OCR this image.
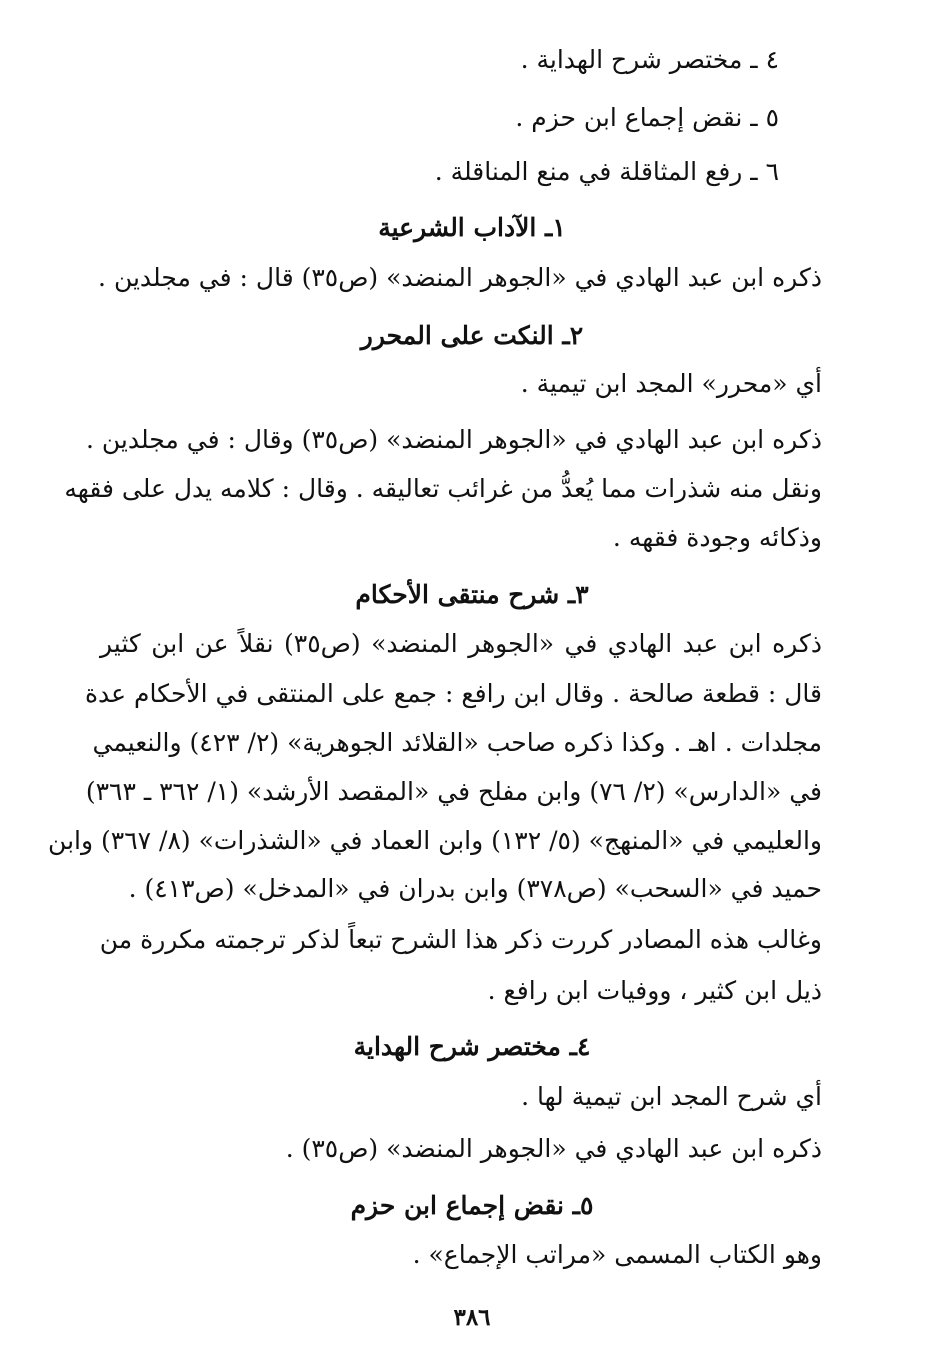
٤ ـ مختصر شرح الهداية .
٥ ـ نقض إجماع ابن حزم .
٦ ـ رفع المثاقلة في منع المناقلة .
١ـ الآداب الشرعية
ذكره ابن عبد الهادي في «الجوهر المنضد» (ص٣٥) قال : في مجلدين .
٢ـ النكت على المحرر
أي «محرر» المجد ابن تيمية .
ذكره ابن عبد الهادي في «الجوهر المنضد» (ص٣٥) وقال : في مجلدين .
ونقل منه شذرات مما يُعدُّ من غرائب تعاليقه . وقال : كلامه يدل على فقهه
وذكائه وجودة فقهه .
٣ـ شرح منتقى الأحكام
ذكره ابن عبد الهادي في «الجوهر المنضد» (ص٣٥) نقلاً عن ابن كثير
قال : قطعة صالحة . وقال ابن رافع : جمع على المنتقى في الأحكام عدة
مجلدات . اهـ . وكذا ذكره صاحب «القلائد الجوهرية» (٢/ ٤٢٣) والنعيمي
في «الدارس» (٢/ ٧٦) وابن مفلح في «المقصد الأرشد» (١/ ٣٦٢ ـ ٣٦٣)
والعليمي في «المنهج» (٥/ ١٣٢) وابن العماد في «الشذرات» (٨/ ٣٦٧) وابن
حميد في «السحب» (ص٣٧٨) وابن بدران في «المدخل» (ص٤١٣) .
وغالب هذه المصادر كررت ذكر هذا الشرح تبعاً لذكر ترجمته مكررة من
ذيل ابن كثير ، ووفيات ابن رافع .
٤ـ مختصر شرح الهداية
أي شرح المجد ابن تيمية لها .
ذكره ابن عبد الهادي في «الجوهر المنضد» (ص٣٥) .
٥ـ نقض إجماع ابن حزم
وهو الكتاب المسمى «مراتب الإجماع» .
٣٨٦
